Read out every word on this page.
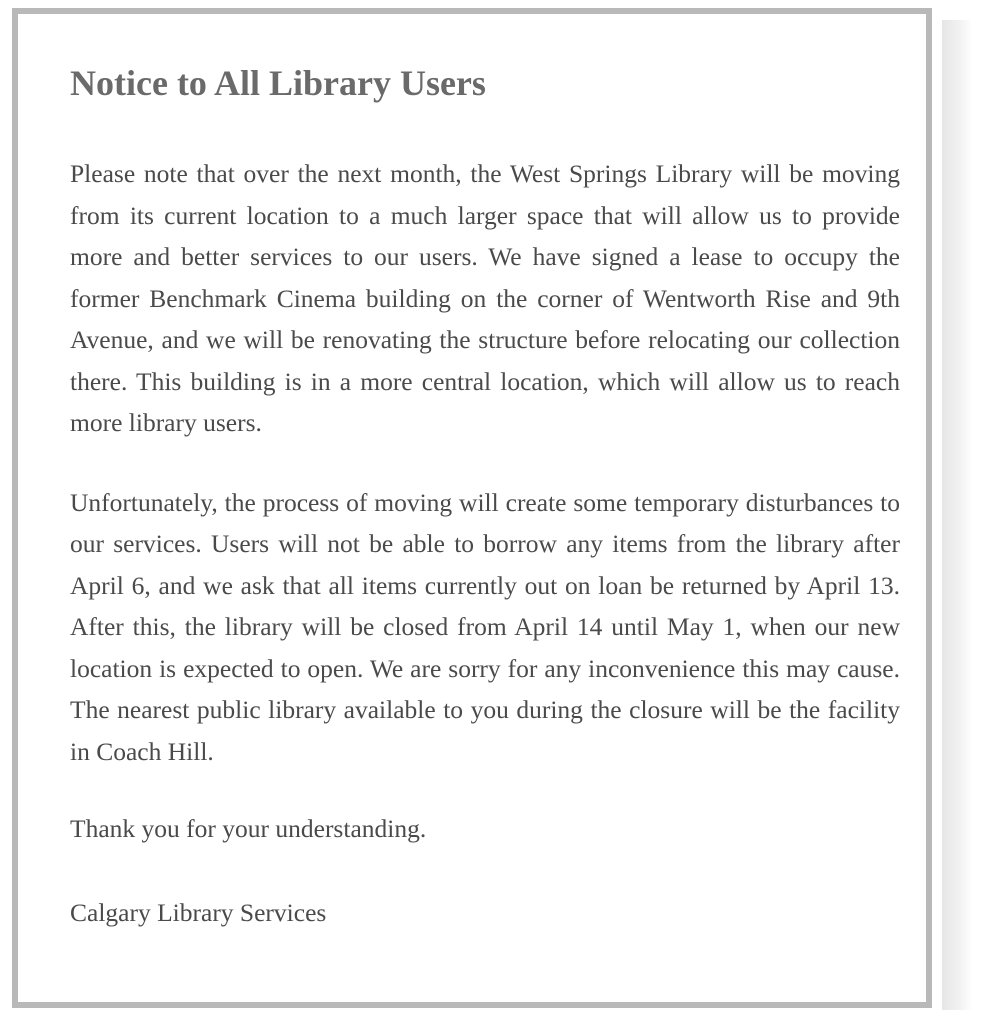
Notice to All Library Users

Please note that over the next month, the West Springs Library will be moving from its current location to a much larger space that will allow us to provide more and better services to our users. We have signed a lease to occupy the former Benchmark Cinema building on the corner of Wentworth Rise and 9th Avenue, and we will be renovating the structure before relocating our collection there. This building is in a more central location, which will allow us to reach more library users.

Unfortunately, the process of moving will create some temporary disturbances to our services. Users will not be able to borrow any items from the library after April 6, and we ask that all items currently out on loan be returned by April 13. After this, the library will be closed from April 14 until May 1, when our new location is expected to open. We are sorry for any inconvenience this may cause. The nearest public library available to you during the closure will be the facility in Coach Hill.

Thank you for your understanding.

Calgary Library Services
